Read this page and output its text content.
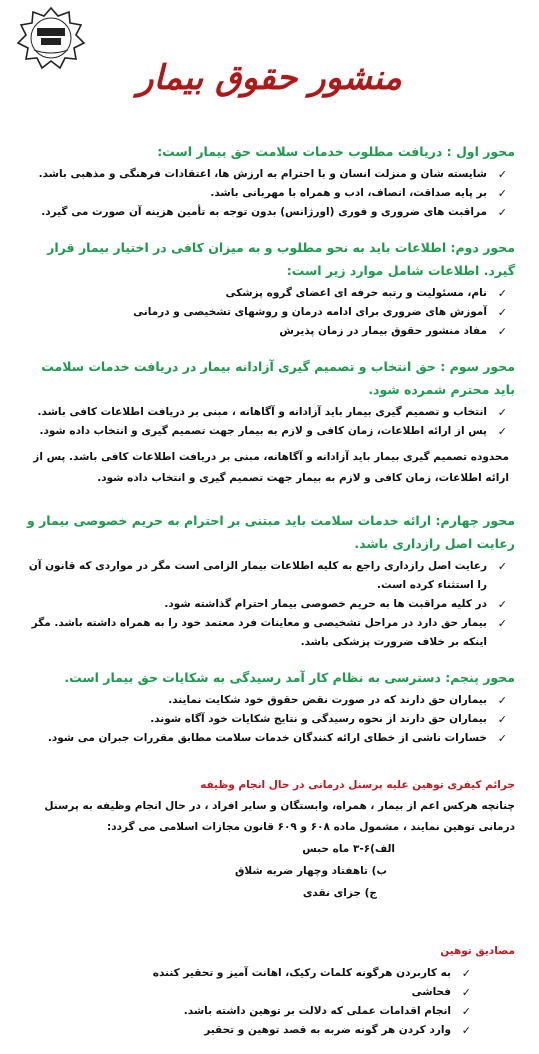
منشور حقوق بیمار

محور اول : دریافت مطلوب خدمات سلامت حق بیمار است:

✓
شایسته شان و منزلت انسان و با احترام به ارزش ها، اعتقادات فرهنگی و مذهبی باشد.
✓
بر پایه صداقت، انصاف، ادب و همراه با مهربانی باشد.
✓
مراقبت های ضروری و فوری (اورژانس) بدون توجه به تأمین هزینه آن صورت می گیرد.

محور دوم: اطلاعات باید به نحو مطلوب و به میزان کافی در اختیار بیمار قرار گیرد. اطلاعات شامل موارد زیر است:

✓
نام، مسئولیت و رتبه حرفه ای اعضای گروه پزشکی
✓
آموزش های ضروری برای ادامه درمان و روشهای تشخیصی و درمانی
✓
مفاد منشور حقوق بیمار در زمان پذیرش

محور سوم : حق انتخاب و تصمیم گیری آزادانه بیمار در دریافت خدمات سلامت باید محترم شمرده شود.

✓
انتخاب و تصمیم گیری بیمار باید آزادانه و آگاهانه ، مبنی بر دریافت اطلاعات کافی باشد.
✓
پس از ارائه اطلاعات، زمان کافی و لازم به بیمار جهت تصمیم گیری و انتخاب داده شود.

محدوده تصمیم گیری بیمار باید آزادانه و آگاهانه، مبنی بر دریافت اطلاعات کافی باشد. پس از ارائه اطلاعات، زمان کافی و لازم به بیمار جهت تصمیم گیری و انتخاب داده شود.

محور چهارم: ارائه خدمات سلامت باید مبتنی بر احترام به حریم خصوصی بیمار و رعایت اصل رازداری باشد.

✓
رعایت اصل رازداری راجع به کلیه اطلاعات بیمار الزامی است مگر در مواردی که قانون آن را استثناء کرده است.
✓
در کلیه مراقبت ها به حریم خصوصی بیمار احترام گذاشته شود.
✓
بیمار حق دارد در مراحل تشخیصی و معاینات فرد معتمد خود را به همراه داشته باشد. مگر اینکه بر خلاف ضرورت پزشکی باشد.

محور پنجم: دسترسی به نظام کار آمد رسیدگی به شکایات حق بیمار است.

✓
بیماران حق دارند که در صورت نقض حقوق خود شکایت نمایند.
✓
بیماران حق دارند از نحوه رسیدگی و نتایج شکایات خود آگاه شوند.
✓
خسارات ناشی از خطای ارائه کنندگان خدمات سلامت مطابق مقررات جبران می شود.

جرائم کیفری توهین علیه پرسنل درمانی در حال انجام وظیفه

چنانچه هرکس اعم از بیمار ، همراه، وابستگان و سایر افراد ، در حال انجام وظیفه به پرسنل درمانی توهین نمایند ، مشمول ماده ۶۰۸ و ۶۰۹ قانون مجازات اسلامی می گردد:
الف)۶-۳ ماه حبس
ب) تاهفتاد وچهار ضربه شلاق
ج) جزای نقدی

مصادیق توهین

✓
به کاربردن هرگونه کلمات رکیک، اهانت آمیز و تحقیر کننده
✓
فحاشی
✓
انجام اقدامات عملی که دلالت بر توهین داشته باشد.
✓
وارد کردن هر گونه ضربه به قصد توهین و تحقیر
